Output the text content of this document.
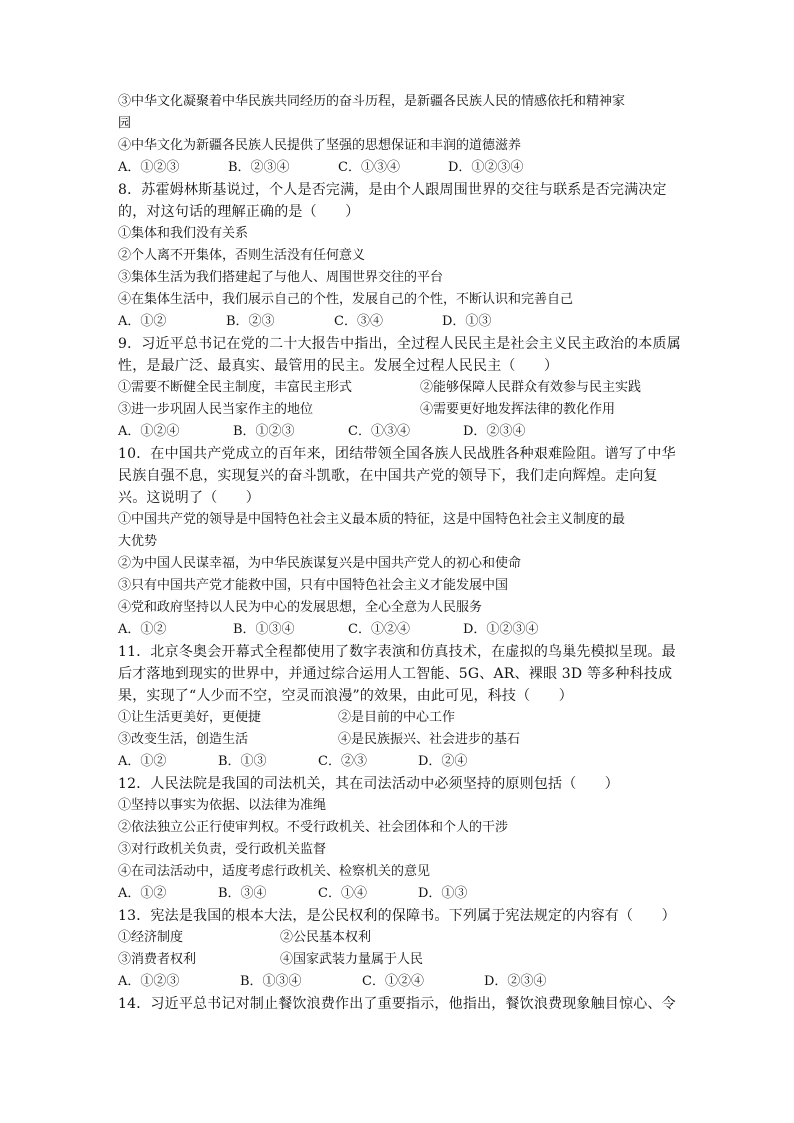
③中华文化凝聚着中华民族共同经历的奋斗历程，是新疆各民族人民的情感依托和精神家
园
④中华文化为新疆各民族人民提供了坚强的思想保证和丰润的道德滋养
A．①②③	B．②③④	C．①③④	D．①②③④
8．苏霍姆林斯基说过，个人是否完满，是由个人跟周围世界的交往与联系是否完满决定
的，对这句话的理解正确的是（　　）
①集体和我们没有关系
②个人离不开集体，否则生活没有任何意义
③集体生活为我们搭建起了与他人、周围世界交往的平台
④在集体生活中，我们展示自己的个性，发展自己的个性，不断认识和完善自己
A．①②	B．②③	C．③④	D．①③
9．习近平总书记在党的二十大报告中指出，全过程人民民主是社会主义民主政治的本质属
性，是最广泛、最真实、最管用的民主。发展全过程人民民主（　　）
①需要不断健全民主制度，丰富民主形式	②能够保障人民群众有效参与民主实践
③进一步巩固人民当家作主的地位	④需要更好地发挥法律的教化作用
A．①②④	B．①②③	C．①③④	D．②③④
10．在中国共产党成立的百年来，团结带领全国各族人民战胜各种艰难险阻。谱写了中华
民族自强不息，实现复兴的奋斗凯歌，在中国共产党的领导下，我们走向辉煌。走向复
兴。这说明了（　　）
①中国共产党的领导是中国特色社会主义最本质的特征，这是中国特色社会主义制度的最
大优势
②为中国人民谋幸福，为中华民族谋复兴是中国共产党人的初心和使命
③只有中国共产党才能救中国，只有中国特色社会主义才能发展中国
④党和政府坚持以人民为中心的发展思想，全心全意为人民服务
A．①②	B．①③④	C．①②④	D．①②③④
11．北京冬奥会开幕式全程都使用了数字表演和仿真技术，在虚拟的鸟巢先模拟呈现。最
后才落地到现实的世界中，并通过综合运用人工智能、5G、AR、裸眼 3D 等多种科技成
果，实现了“人少而不空，空灵而浪漫”的效果，由此可见，科技（　　）
①让生活更美好，更便捷	②是目前的中心工作
③改变生活，创造生活	④是民族振兴、社会进步的基石
A．①②	B．①③	C．②③	D．②④
12．人民法院是我国的司法机关，其在司法活动中必须坚持的原则包括（　　）
①坚持以事实为依据、以法律为准绳
②依法独立公正行使审判权。不受行政机关、社会团体和个人的干涉
③对行政机关负责，受行政机关监督
④在司法活动中，适度考虑行政机关、检察机关的意见
A．①②	B．③④	C．①④	D．①③
13．宪法是我国的根本大法，是公民权利的保障书。下列属于宪法规定的内容有（　　）
①经济制度	②公民基本权利
③消费者权利	④国家武装力量属于人民
A．①②③	B．①③④	C．①②④	D．②③④
14．习近平总书记对制止餐饮浪费作出了重要指示，他指出，餐饮浪费现象触目惊心、令
